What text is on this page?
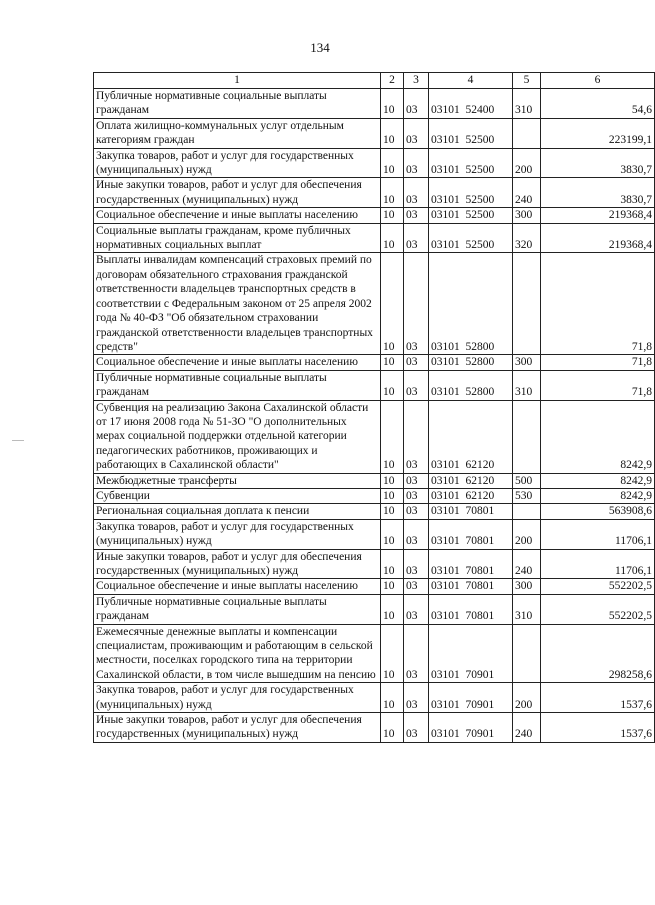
134
1	2	3	4	5	6
Публичные нормативные социальные выплаты гражданам	10	03	03101  52400	310	54,6
Оплата жилищно-коммунальных услуг отдельным категориям граждан	10	03	03101  52500		223199,1
Закупка товаров, работ и услуг для государственных (муниципальных) нужд	10	03	03101  52500	200	3830,7
Иные закупки товаров, работ и услуг для обеспечения государственных (муниципальных) нужд	10	03	03101  52500	240	3830,7
Социальное обеспечение и иные выплаты населению	10	03	03101  52500	300	219368,4
Социальные выплаты гражданам, кроме публичных нормативных социальных выплат	10	03	03101  52500	320	219368,4
Выплаты инвалидам компенсаций страховых премий по договорам обязательного страхования гражданской ответственности владельцев транспортных средств в соответствии с Федеральным законом от 25 апреля 2002 года № 40-ФЗ "Об обязательном страховании гражданской ответственности владельцев транспортных средств"	10	03	03101  52800		71,8
Социальное обеспечение и иные выплаты населению	10	03	03101  52800	300	71,8
Публичные нормативные социальные выплаты гражданам	10	03	03101  52800	310	71,8
Субвенция на реализацию Закона Сахалинской области от 17 июня 2008 года № 51-ЗО "О дополнительных мерах социальной поддержки отдельной категории педагогических работников, проживающих и работающих в Сахалинской области"	10	03	03101  62120		8242,9
Межбюджетные трансферты	10	03	03101  62120	500	8242,9
Субвенции	10	03	03101  62120	530	8242,9
Региональная социальная доплата к пенсии	10	03	03101  70801		563908,6
Закупка товаров, работ и услуг для государственных (муниципальных) нужд	10	03	03101  70801	200	11706,1
Иные закупки товаров, работ и услуг для обеспечения государственных (муниципальных) нужд	10	03	03101  70801	240	11706,1
Социальное обеспечение и иные выплаты населению	10	03	03101  70801	300	552202,5
Публичные нормативные социальные выплаты гражданам	10	03	03101  70801	310	552202,5
Ежемесячные денежные выплаты и компенсации специалистам, проживающим и работающим в сельской местности, поселках городского типа на территории Сахалинской области, в том числе вышедшим на пенсию	10	03	03101  70901		298258,6
Закупка товаров, работ и услуг для государственных (муниципальных) нужд	10	03	03101  70901	200	1537,6
Иные закупки товаров, работ и услуг для обеспечения государственных (муниципальных) нужд	10	03	03101  70901	240	1537,6
